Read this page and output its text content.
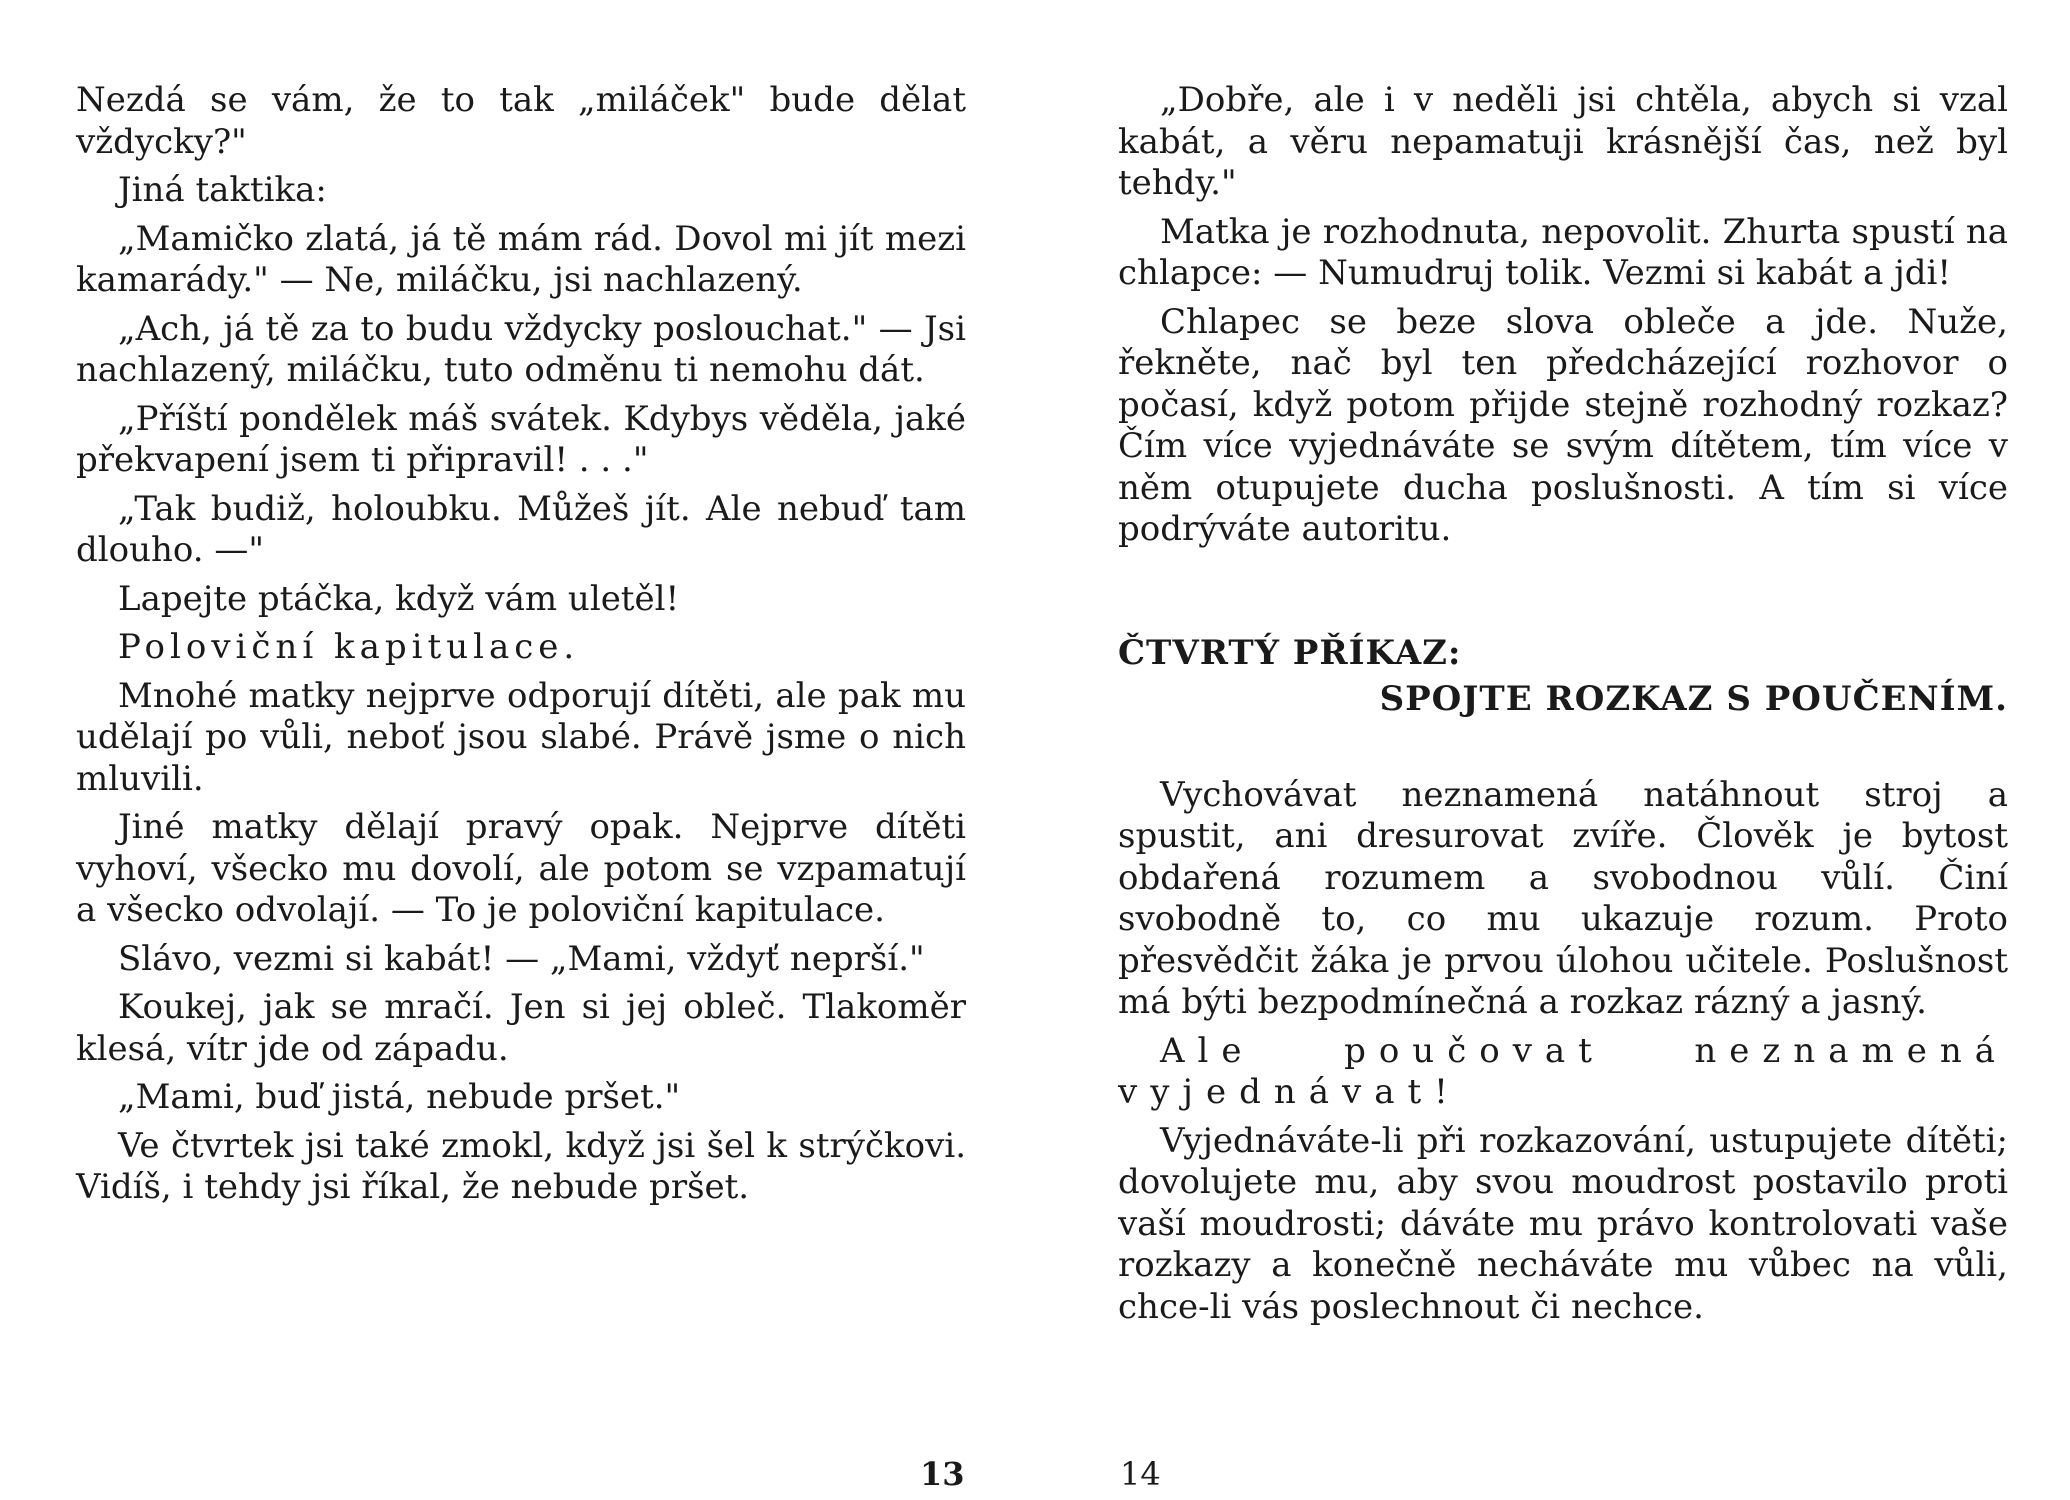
Nezdá se vám, že to tak „miláček" bude dělat vždycky?"

Jiná taktika:

„Mamičko zlatá, já tě mám rád. Dovol mi jít mezi kamarády." — Ne, miláčku, jsi nachlazený.

„Ach, já tě za to budu vždycky poslouchat." — Jsi nachlazený, miláčku, tuto odměnu ti nemohu dát.

„Příští pondělek máš svátek. Kdybys věděla, jaké překvapení jsem ti připravil! . . ."

„Tak budiž, holoubku. Můžeš jít. Ale nebuď tam dlouho. —"

Lapejte ptáčka, když vám uletěl!

Poloviční kapitulace.

Mnohé matky nejprve odporují dítěti, ale pak mu udělají po vůli, neboť jsou slabé. Právě jsme o nich mluvili.

Jiné matky dělají pravý opak. Nejprve dítěti vyhoví, všecko mu dovolí, ale potom se vzpamatují a všecko odvolají. — To je poloviční kapitulace.

Slávo, vezmi si kabát! — „Mami, vždyť neprší."

Koukej, jak se mračí. Jen si jej obleč. Tlakoměr klesá, vítr jde od západu.

„Mami, buď jistá, nebude pršet."

Ve čtvrtek jsi také zmokl, když jsi šel k strýčkovi. Vidíš, i tehdy jsi říkal, že nebude pršet.

„Dobře, ale i v neděli jsi chtěla, abych si vzal kabát, a věru nepamatuji krásnější čas, než byl tehdy."

Matka je rozhodnuta, nepovolit. Zhurta spustí na chlapce: — Numudruj tolik. Vezmi si kabát a jdi!

Chlapec se beze slova obleče a jde. Nuže, řekněte, nač byl ten předcházející rozhovor o počasí, když potom přijde stejně rozhodný rozkaz? Čím více vyjednáváte se svým dítětem, tím více v něm otupujete ducha poslušnosti. A tím si více podrýváte autoritu.

ČTVRTÝ PŘÍKAZ:
SPOJTE ROZKAZ S POUČENÍM.

Vychovávat neznamená natáhnout stroj a spustit, ani dresurovat zvíře. Člověk je bytost obdařená rozumem a svobodnou vůlí. Činí svobodně to, co mu ukazuje rozum. Proto přesvědčit žáka je prvou úlohou učitele. Poslušnost má býti bezpodmínečná a rozkaz rázný a jasný.

Ale poučovat neznamená vyjednávat!

Vyjednáváte-li při rozkazování, ustupujete dítěti; dovolujete mu, aby svou moudrost postavilo proti vaší moudrosti; dáváte mu právo kontrolovati vaše rozkazy a konečně necháváte mu vůbec na vůli, chce-li vás poslechnout či nechce.

13	14
